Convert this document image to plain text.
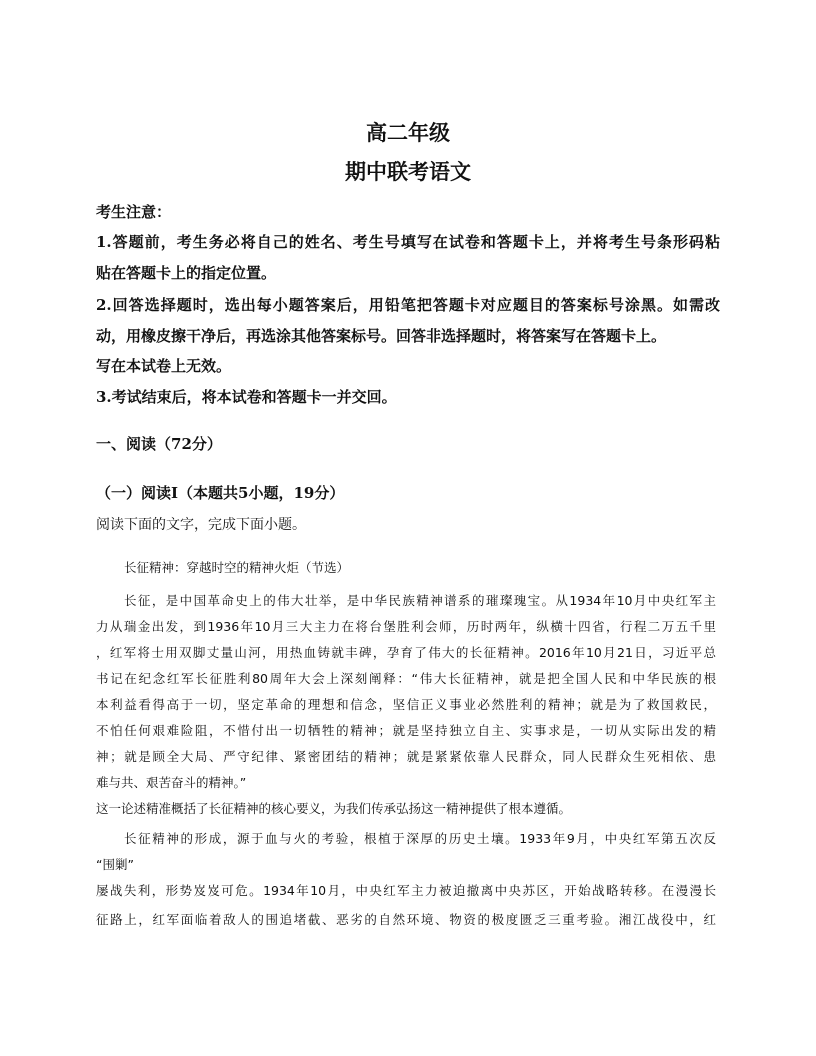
高二年级
期中联考语文
考生注意：
1.答题前，考生务必将自己的姓名、考生号填写在试卷和答题卡上，并将考生号条形码粘
贴在答题卡上的指定位置。
2.回答选择题时，选出每小题答案后，用铅笔把答题卡对应题目的答案标号涂黑。如需改
动，用橡皮擦干净后，再选涂其他答案标号。回答非选择题时，将答案写在答题卡上。
写在本试卷上无效。
3.考试结束后，将本试卷和答题卡一并交回。
一、阅读（72分）
（一）阅读Ⅰ（本题共5小题，19分）
阅读下面的文字，完成下面小题。
长征精神：穿越时空的精神火炬（节选）
长征，是中国革命史上的伟大壮举，是中华民族精神谱系的璀璨瑰宝。从1934年10月中央红军主
力从瑞金出发，到1936年10月三大主力在将台堡胜利会师，历时两年，纵横十四省，行程二万五千里
，红军将士用双脚丈量山河，用热血铸就丰碑，孕育了伟大的长征精神。2016年10月21日，习近平总
书记在纪念红军长征胜利80周年大会上深刻阐释：“伟大长征精神，就是把全国人民和中华民族的根
本利益看得高于一切，坚定革命的理想和信念，坚信正义事业必然胜利的精神；就是为了救国救民，
不怕任何艰难险阻，不惜付出一切牺牲的精神；就是坚持独立自主、实事求是，一切从实际出发的精
神；就是顾全大局、严守纪律、紧密团结的精神；就是紧紧依靠人民群众，同人民群众生死相依、患
难与共、艰苦奋斗的精神。”
这一论述精准概括了长征精神的核心要义，为我们传承弘扬这一精神提供了根本遵循。
长征精神的形成，源于血与火的考验，根植于深厚的历史土壤。1933年9月，中央红军第五次反
“围剿”
屡战失利，形势岌岌可危。1934年10月，中央红军主力被迫撤离中央苏区，开始战略转移。在漫漫长
征路上，红军面临着敌人的围追堵截、恶劣的自然环境、物资的极度匮乏三重考验。湘江战役中，红
